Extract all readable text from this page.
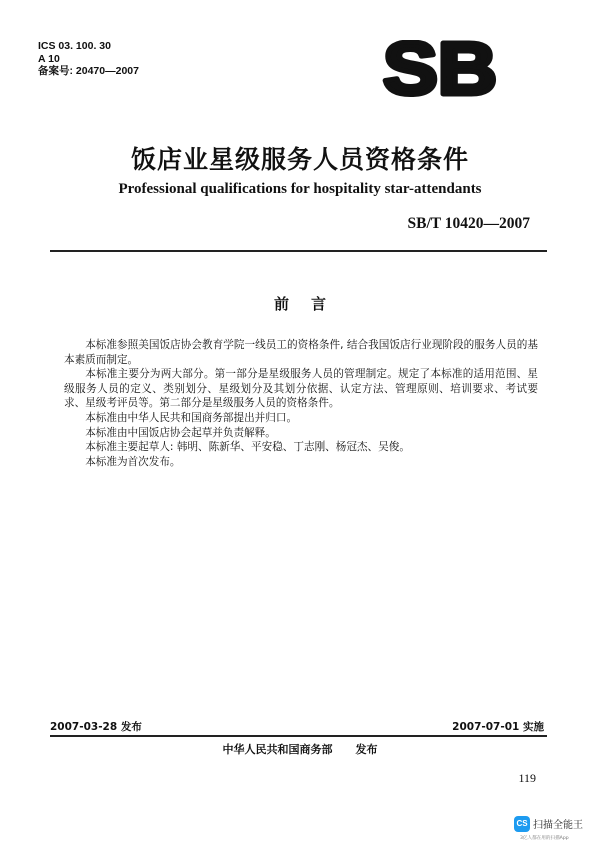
ICS 03. 100. 30
A 10
备案号: 20470—2007	SB
饭店业星级服务人员资格条件
Professional qualifications for hospitality star-attendants
SB/T 10420—2007
前言

本标准参照美国饭店协会教育学院一线员工的资格条件, 结合我国饭店行业现阶段的服务人员的基本素质而制定。

本标准主要分为两大部分。第一部分是星级服务人员的管理制定。规定了本标准的适用范围、星级服务人员的定义、类别划分、星级划分及其划分依据、认定方法、管理原则、培训要求、考试要求、星级考评员等。第二部分是星级服务人员的资格条件。

本标准由中华人民共和国商务部提出并归口。

本标准由中国饭店协会起草并负责解释。

本标准主要起草人: 韩明、陈新华、平安稳、丁志刚、杨冠杰、吴俊。

本标准为首次发布。

2007-03-28 发布	2007-07-01 实施
中华人民共和国商务部      发布
119
CS 扫描全能王
3亿人都在用的扫描App
